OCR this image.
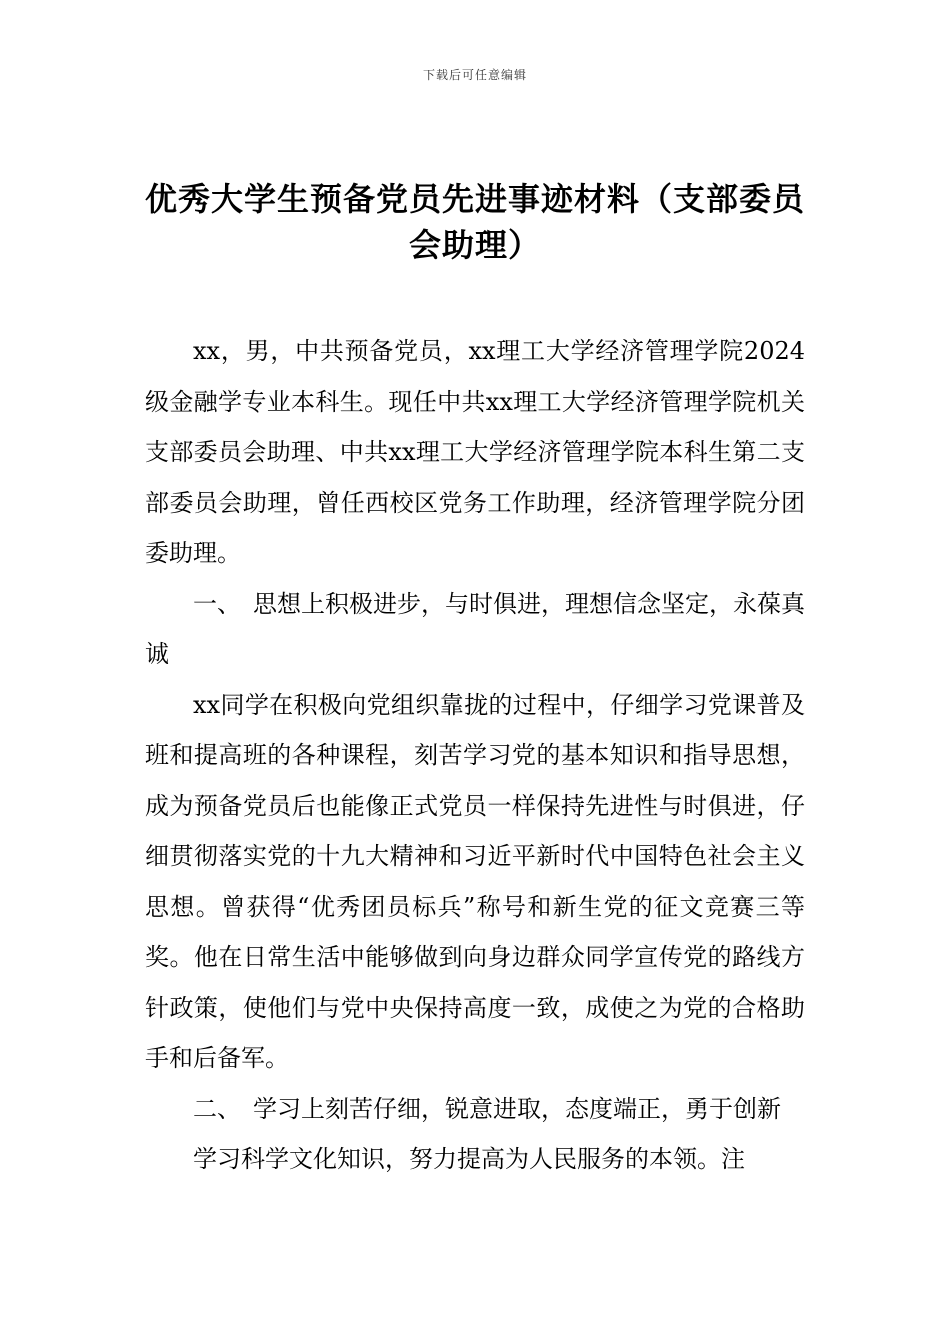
下载后可任意编辑
优秀大学生预备党员先进事迹材料（支部委员会助理）

xx，男，中共预备党员，xx理工大学经济管理学院2024级金融学专业本科生。现任中共xx理工大学经济管理学院机关支部委员会助理、中共xx理工大学经济管理学院本科生第二支部委员会助理，曾任西校区党务工作助理，经济管理学院分团委助理。

一、 思想上积极进步，与时俱进，理想信念坚定，永葆真诚

xx同学在积极向党组织靠拢的过程中，仔细学习党课普及班和提高班的各种课程，刻苦学习党的基本知识和指导思想，成为预备党员后也能像正式党员一样保持先进性与时俱进，仔细贯彻落实党的十九大精神和习近平新时代中国特色社会主义思想。曾获得“优秀团员标兵”称号和新生党的征文竞赛三等奖。他在日常生活中能够做到向身边群众同学宣传党的路线方针政策，使他们与党中央保持高度一致，成使之为党的合格助手和后备军。

二、 学习上刻苦仔细，锐意进取，态度端正，勇于创新

学习科学文化知识，努力提高为人民服务的本领。注
